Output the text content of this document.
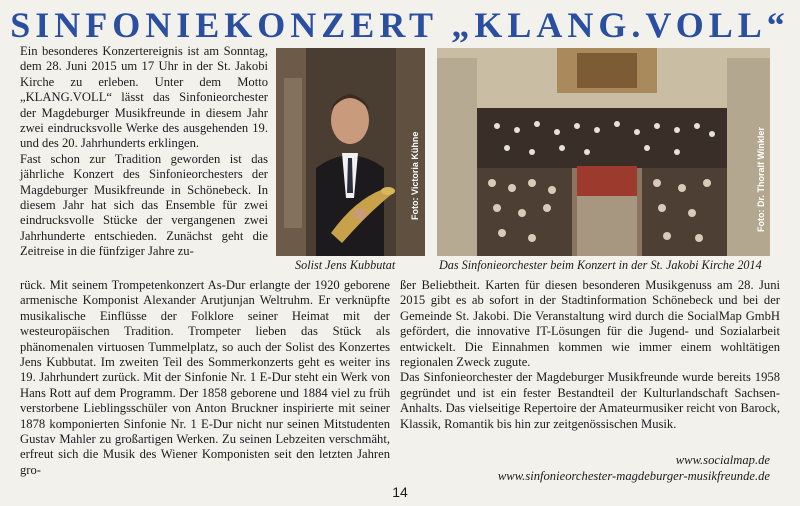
SINFONIEKONZERT „KLANG.VOLL“

Ein besonderes Konzertereignis ist am Sonntag, dem 28. Juni 2015 um 17 Uhr in der St. Jakobi Kirche zu erleben. Unter dem Motto „KLANG.VOLL“ lässt das Sinfonieorchester der Magdeburger Musikfreunde in diesem Jahr zwei eindrucksvolle Werke des ausgehenden 19. und des 20. Jahrhunderts erklingen.

Fast schon zur Tradition geworden ist das jährliche Konzert des Sinfonieorchesters der Magdeburger Musikfreunde in Schönebeck. In diesem Jahr hat sich das Ensemble für zwei eindrucksvolle Stücke der vergangenen zwei Jahrhunderte entschieden. Zunächst geht die Zeitreise in die fünfziger Jahre zu-

Foto: Victoria Kühne	Foto: Dr. Thoralf Winkler
Solist Jens Kubbutat	Das Sinfonieorchester beim Konzert in der St. Jakobi Kirche 2014

rück. Mit seinem Trompetenkonzert As-Dur erlangte der 1920 geborene armenische Komponist Alexander Arutjunjan Weltruhm. Er verknüpfte musikalische Einflüsse der Folklore seiner Heimat mit der westeuropäischen Tradition. Trompeter lieben das Stück als phänomenalen virtuosen Tummelplatz, so auch der Solist des Konzertes Jens Kubbutat. Im zweiten Teil des Sommerkonzerts geht es weiter ins 19. Jahrhundert zurück. Mit der Sinfonie Nr. 1 E-Dur steht ein Werk von Hans Rott auf dem Programm. Der 1858 geborene und 1884 viel zu früh verstorbene Lieblingsschüler von Anton Bruckner inspirierte mit seiner 1878 komponierten Sinfonie Nr. 1 E-Dur nicht nur seinen Mitstudenten Gustav Mahler zu großartigen Werken. Zu seinen Lebzeiten verschmäht, erfreut sich die Musik des Wiener Komponisten seit den letzten Jahren gro-

ßer Beliebtheit. Karten für diesen besonderen Musikgenuss am 28. Juni 2015 gibt es ab sofort in der Stadtinformation Schönebeck und bei der Gemeinde St. Jakobi. Die Veranstaltung wird durch die SocialMap GmbH gefördert, die innovative IT-Lösungen für die Jugend- und Sozialarbeit entwickelt. Die Einnahmen kommen wie immer einem wohltätigen regionalen Zweck zugute.

Das Sinfonieorchester der Magdeburger Musikfreunde wurde bereits 1958 gegründet und ist ein fester Bestandteil der Kulturlandschaft Sachsen-Anhalts. Das vielseitige Repertoire der Amateurmusiker reicht von Barock, Klassik, Romantik bis hin zur zeitgenössischen Musik.

www.socialmap.de
www.sinfonieorchester-magdeburger-musikfreunde.de
14
